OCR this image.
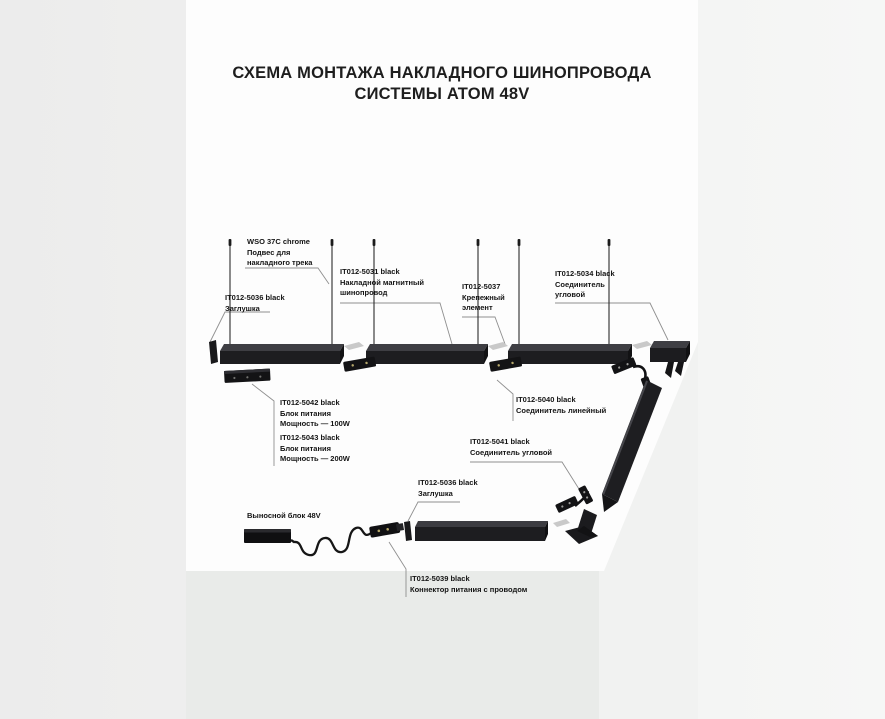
СХЕМА МОНТАЖА НАКЛАДНОГО ШИНОПРОВОДА
СИСТЕМЫ ATOM 48V
WSO 37C chrome
Подвес для
накладного трека
IT012-5036 black
Заглушка
IT012-5031 black
Накладной магнитный
шинопровод
IT012-5037
Крепежный
элемент
IT012-5034 black
Соединитель
угловой
IT012-5042 black
Блок питания
Мощность — 100W
IT012-5043 black
Блок питания
Мощность — 200W
IT012-5040 black
Соединитель линейный
IT012-5041 black
Соединитель угловой
IT012-5036 black
Заглушка
Выносной блок 48V
IT012-5039 black
Коннектор питания с проводом
